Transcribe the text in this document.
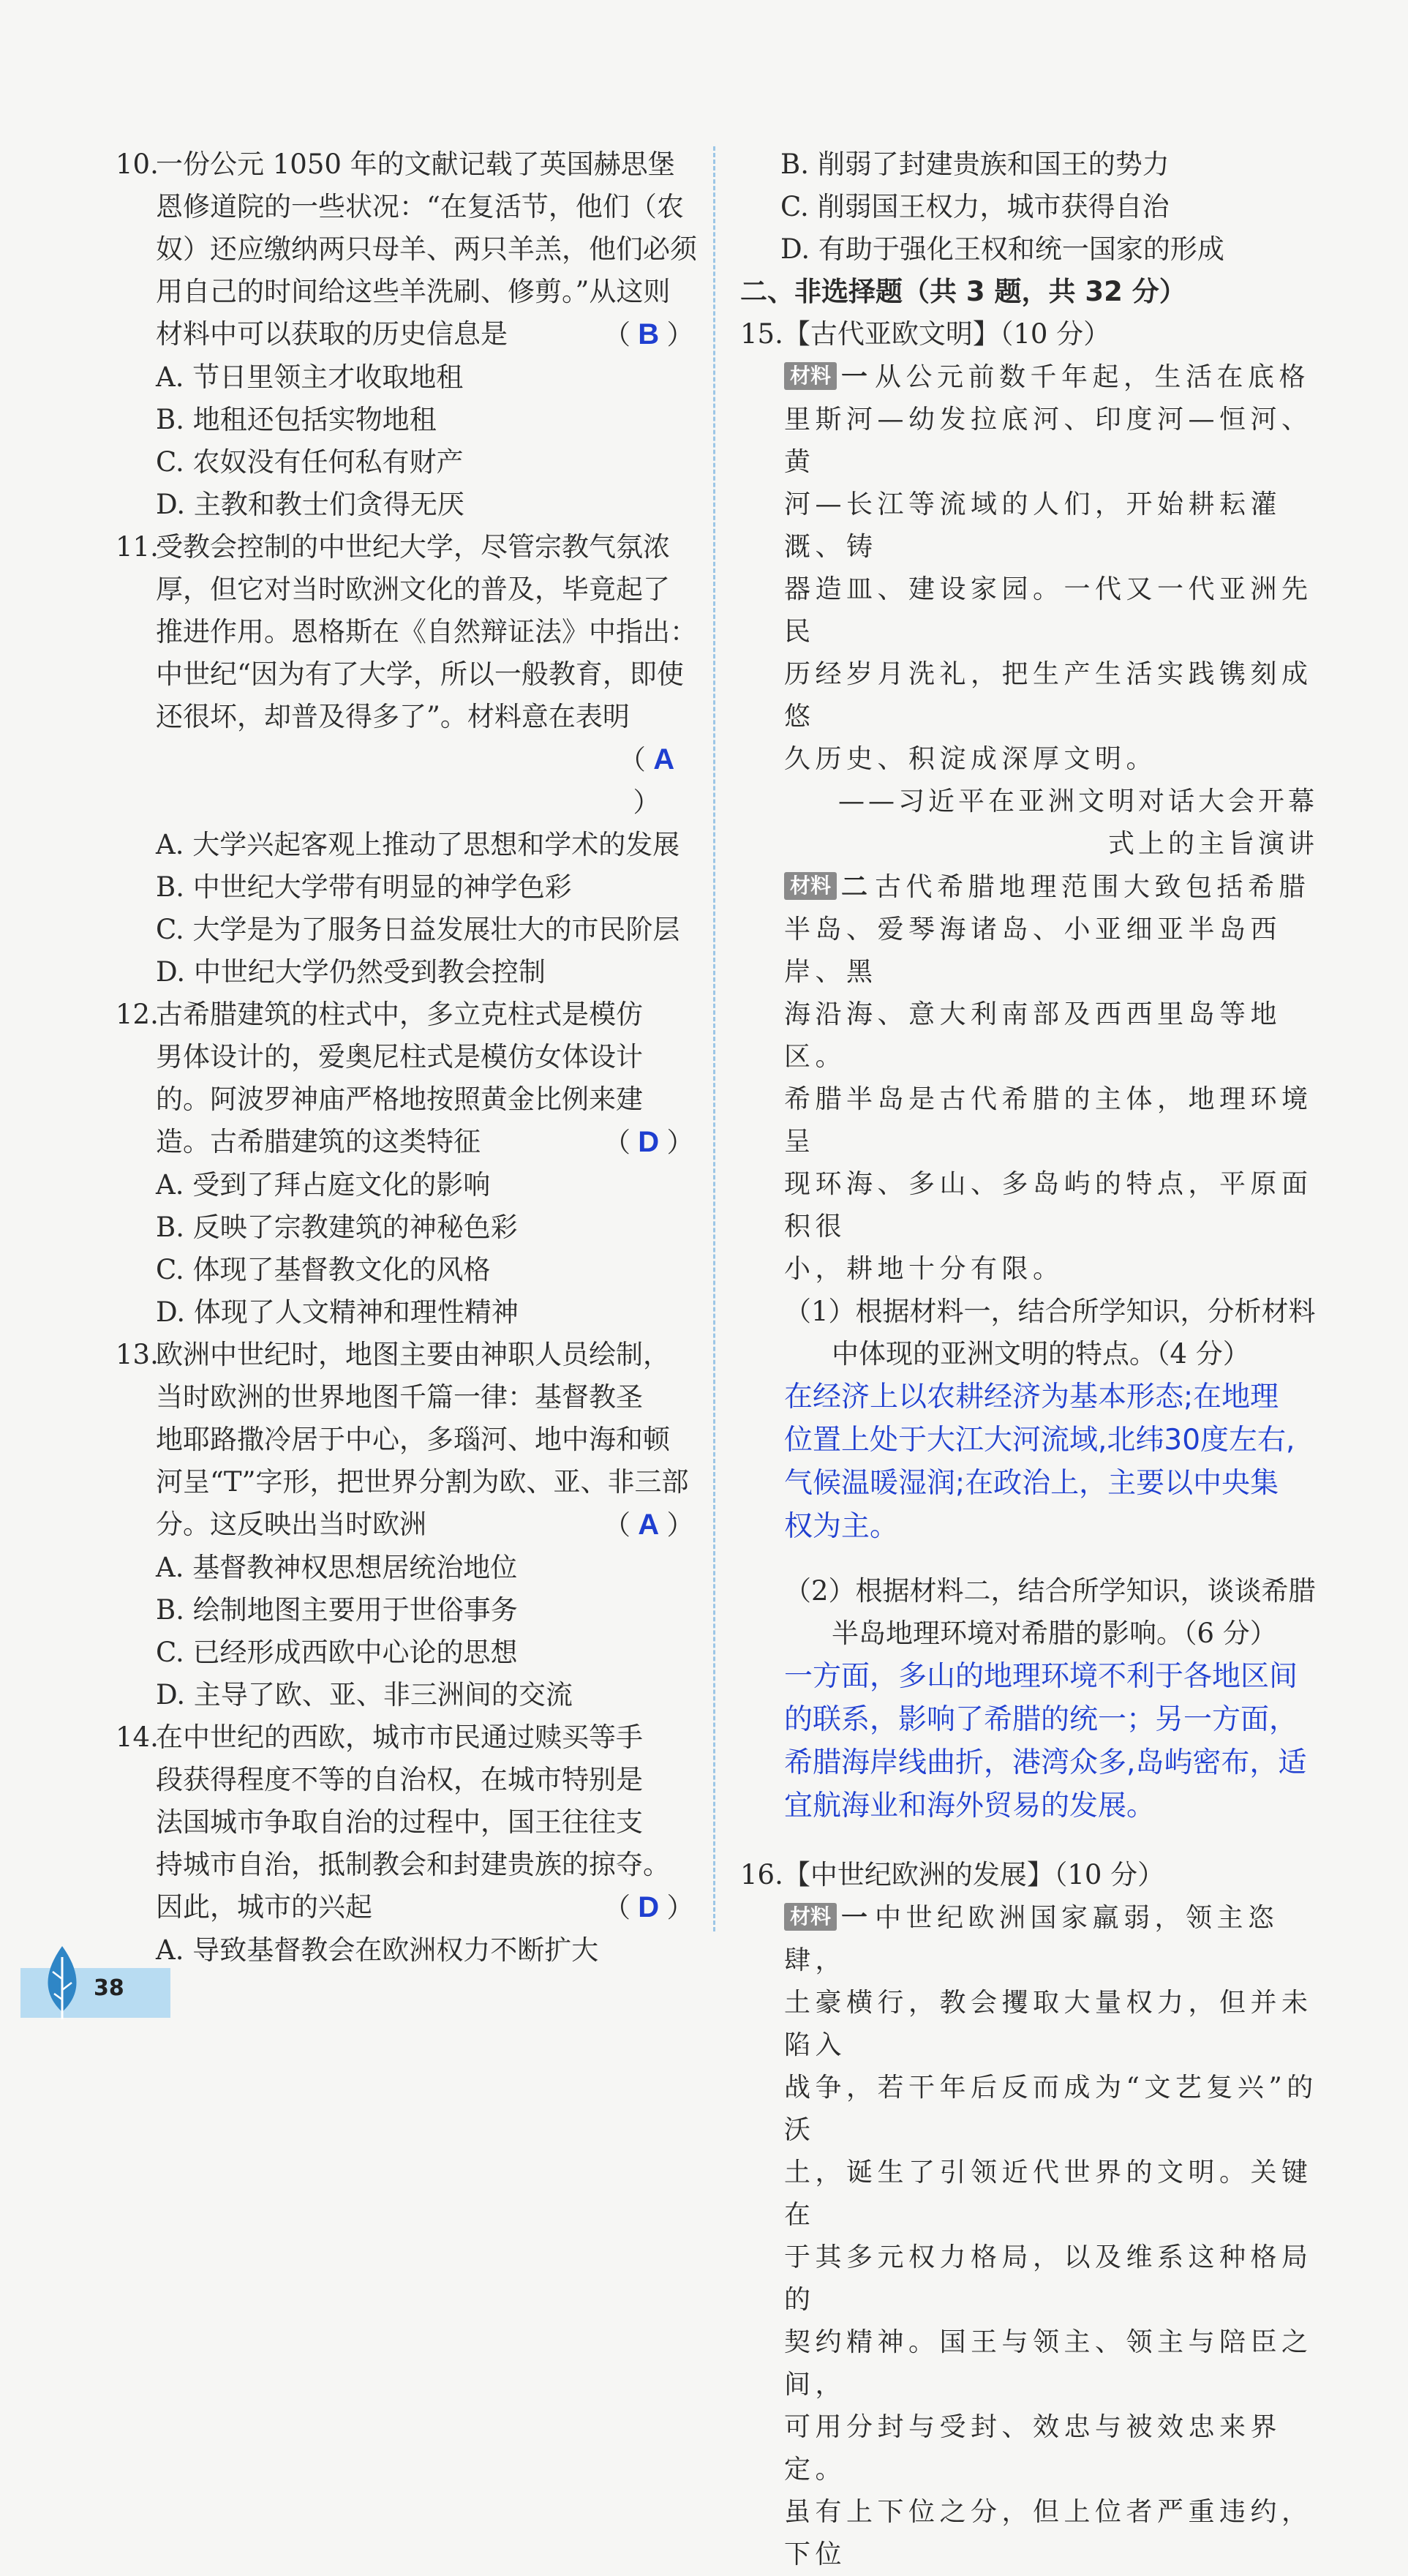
10.
一份公元 1050 年的文献记载了英国赫思堡
恩修道院的一些状况：“在复活节，他们（农
奴）还应缴纳两只母羊、两只羊羔，他们必须
用自己的时间给这些羊洗刷、修剪。”从这则
材料中可以获取的历史信息是	（ B ）
A. 节日里领主才收取地租
B. 地租还包括实物地租
C. 农奴没有任何私有财产
D. 主教和教士们贪得无厌
11.
受教会控制的中世纪大学，尽管宗教气氛浓
厚，但它对当时欧洲文化的普及，毕竟起了
推进作用。恩格斯在《自然辩证法》中指出：
中世纪“因为有了大学，所以一般教育，即使
还很坏，却普及得多了”。材料意在表明
（ A ）
A. 大学兴起客观上推动了思想和学术的发展
B. 中世纪大学带有明显的神学色彩
C. 大学是为了服务日益发展壮大的市民阶层
D. 中世纪大学仍然受到教会控制
12.
古希腊建筑的柱式中，多立克柱式是模仿
男体设计的，爱奥尼柱式是模仿女体设计
的。阿波罗神庙严格地按照黄金比例来建
造。古希腊建筑的这类特征	（ D ）
A. 受到了拜占庭文化的影响
B. 反映了宗教建筑的神秘色彩
C. 体现了基督教文化的风格
D. 体现了人文精神和理性精神
13.
欧洲中世纪时，地图主要由神职人员绘制，
当时欧洲的世界地图千篇一律：基督教圣
地耶路撒冷居于中心，多瑙河、地中海和顿
河呈“T”字形，把世界分割为欧、亚、非三部
分。这反映出当时欧洲	（ A ）
A. 基督教神权思想居统治地位
B. 绘制地图主要用于世俗事务
C. 已经形成西欧中心论的思想
D. 主导了欧、亚、非三洲间的交流
14.
在中世纪的西欧，城市市民通过赎买等手
段获得程度不等的自治权，在城市特别是
法国城市争取自治的过程中，国王往往支
持城市自治，抵制教会和封建贵族的掠夺。
因此，城市的兴起	（ D ）
A. 导致基督教会在欧洲权力不断扩大
B. 削弱了封建贵族和国王的势力
C. 削弱国王权力，城市获得自治
D. 有助于强化王权和统一国家的形成
二、非选择题（共 3 题，共 32 分）
15.【古代亚欧文明】（10 分）
材料 一 从公元前数千年起，生活在底格
里斯河—幼发拉底河、印度河—恒河、黄
河—长江等流域的人们，开始耕耘灌溉、铸
器造皿、建设家园。一代又一代亚洲先民
历经岁月洗礼，把生产生活实践镌刻成悠
久历史、积淀成深厚文明。
——习近平在亚洲文明对话大会开幕
式上的主旨演讲
材料 二 古代希腊地理范围大致包括希腊
半岛、爱琴海诸岛、小亚细亚半岛西岸、黑
海沿海、意大利南部及西西里岛等地区。
希腊半岛是古代希腊的主体，地理环境呈
现环海、多山、多岛屿的特点，平原面积很
小，耕地十分有限。
（1）根据材料一，结合所学知识，分析材料
中体现的亚洲文明的特点。（4 分）
在经济上以农耕经济为基本形态;在地理
位置上处于大江大河流域,北纬30度左右,
气候温暖湿润;在政治上，主要以中央集
权为主。
（2）根据材料二，结合所学知识，谈谈希腊
半岛地理环境对希腊的影响。（6 分）
一方面，多山的地理环境不利于各地区间
的联系，影响了希腊的统一；另一方面，
希腊海岸线曲折，港湾众多,岛屿密布，适
宜航海业和海外贸易的发展。
16.【中世纪欧洲的发展】（10 分）
材料 一 中世纪欧洲国家羸弱，领主恣肆，
土豪横行，教会攫取大量权力，但并未陷入
战争，若干年后反而成为“文艺复兴”的沃
土，诞生了引领近代世界的文明。关键在
于其多元权力格局，以及维系这种格局的
契约精神。国王与领主、领主与陪臣之间，
可用分封与受封、效忠与被效忠来界定。
虽有上下位之分，但上位者严重违约，下位
38
